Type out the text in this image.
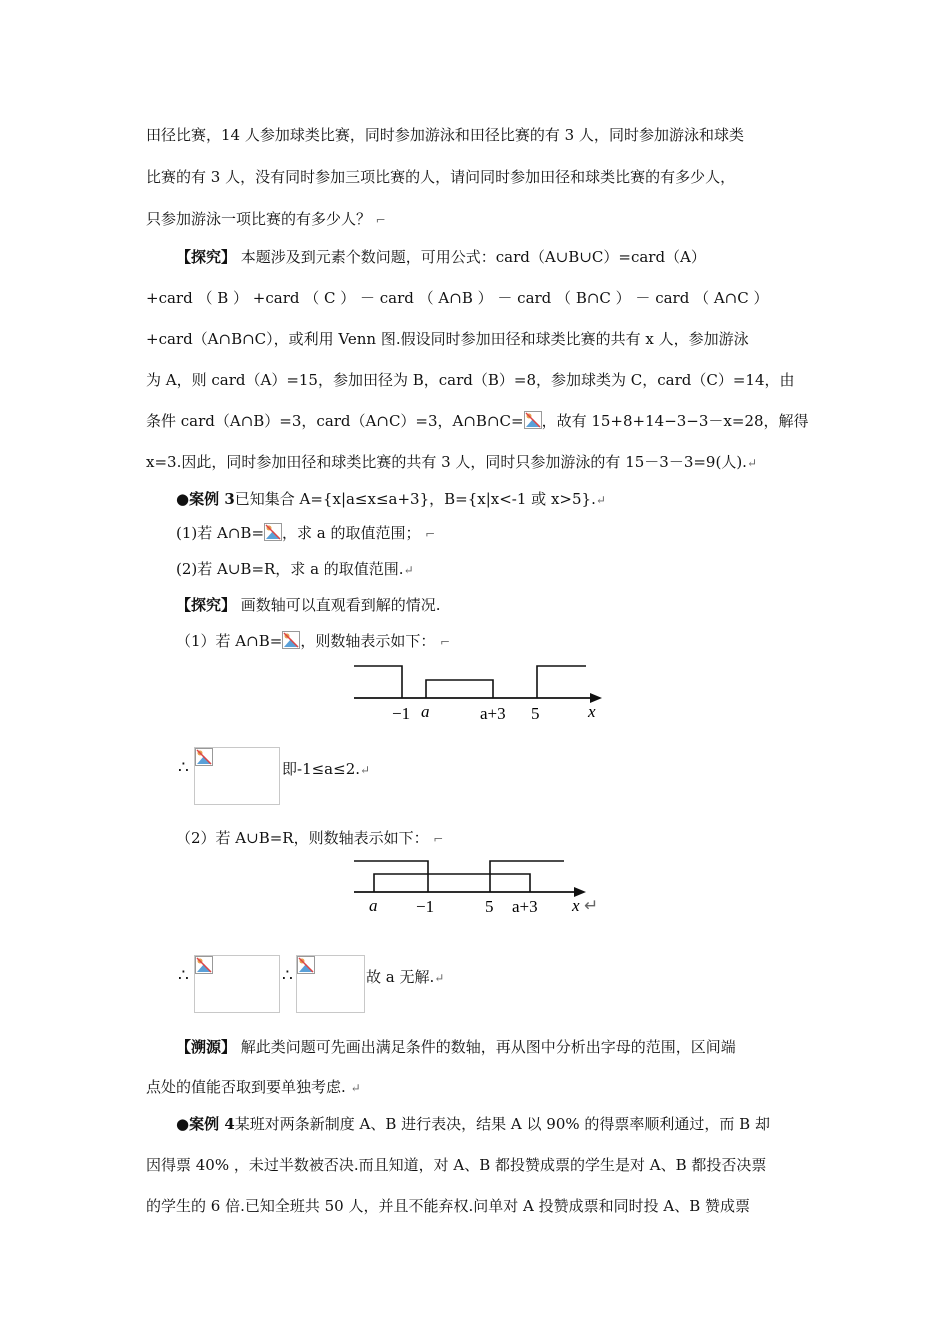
田径比赛，14 人参加球类比赛，同时参加游泳和田径比赛的有 3 人，同时参加游泳和球类
比赛的有 3 人，没有同时参加三项比赛的人，请问同时参加田径和球类比赛的有多少人，
只参加游泳一项比赛的有多少人？ ⌐
【探究】 本题涉及到元素个数问题，可用公式：card（A∪B∪C）=card（A）
+card （ B ） +card （ C ） － card （ A∩B ） － card （ B∩C ） － card （ A∩C ）
+card（A∩B∩C），或利用 Venn 图.假设同时参加田径和球类比赛的共有 x 人，参加游泳
为 A，则 card（A）=15，参加田径为 B，card（B）=8，参加球类为 C，card（C）=14，由
条件 card（A∩B）=3，card（A∩C）=3，A∩B∩C= ，故有 15+8+14−3−3－x=28，解得
x=3.因此，同时参加田径和球类比赛的共有 3 人，同时只参加游泳的有 15－3－3=9(人).↵
●案例 3已知集合 A={x|a≤x≤a+3}，B={x|x<-1 或 x>5}.↵
(1)若 A∩B= ，求 a 的取值范围； ⌐
(2)若 A∪B=R，求 a 的取值范围.↵
【探究】 画数轴可以直观看到解的情况.
（1）若 A∩B= ，则数轴表示如下： ⌐
−1 a	a+3 5	x
∴	即-1≤a≤2.↵
（2）若 A∪B=R，则数轴表示如下： ⌐
a −1	5 a+3 x ↵
∴	∴	故 a 无解.↵
【溯源】 解此类问题可先画出满足条件的数轴，再从图中分析出字母的范围，区间端
点处的值能否取到要单独考虑. ↵
●案例 4某班对两条新制度 A、B 进行表决，结果 A 以 90% 的得票率顺利通过，而 B 却
因得票 40% ，未过半数被否决.而且知道，对 A、B 都投赞成票的学生是对 A、B 都投否决票
的学生的 6 倍.已知全班共 50 人，并且不能弃权.问单对 A 投赞成票和同时投 A、B 赞成票
